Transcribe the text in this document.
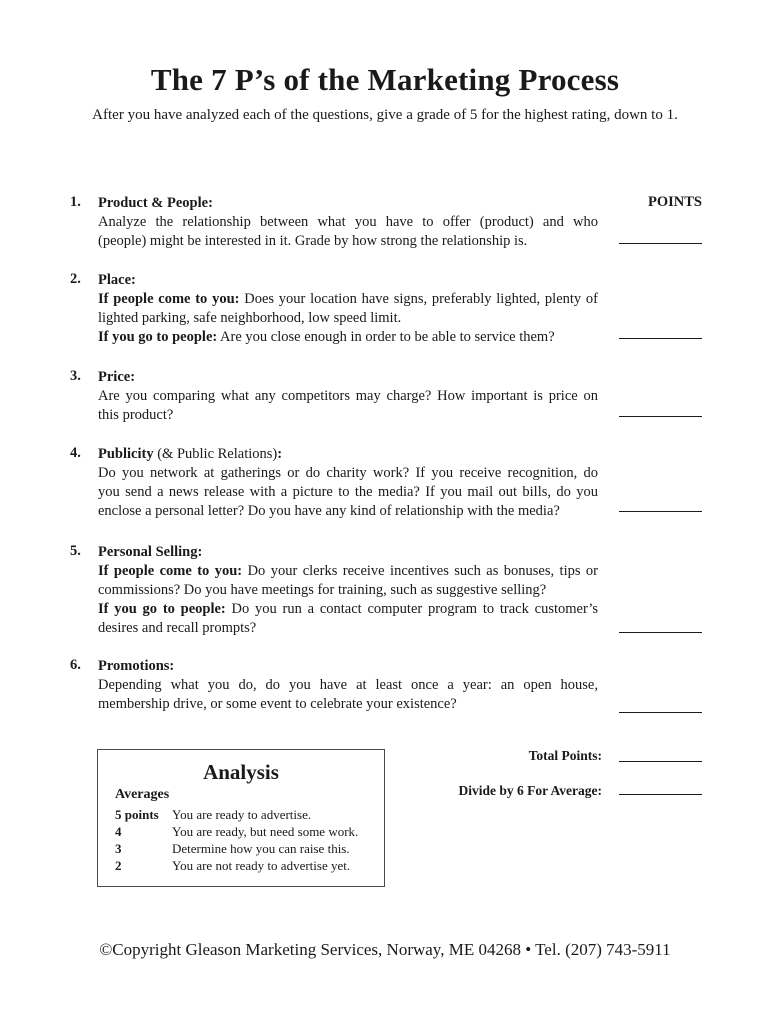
The 7 P’s of the Marketing Process
After you have analyzed each of the questions, give a grade of 5 for the highest rating, down to 1.
POINTS
1.	Product & People:

Analyze the relationship between what you have to offer (product) and who

(people) might be interested in it. Grade by how strong the relationship is.

2.	Place:

If people come to you: Does your location have signs, preferably lighted, plenty of

lighted parking, safe neighborhood, low speed limit.

If you go to people: Are you close enough in order to be able to service them?

3.	Price:

Are you comparing what any competitors may charge? How important is price on

this product?

4.	Publicity (& Public Relations):

Do you network at gatherings or do charity work? If you receive recognition, do

you send a news release with a picture to the media? If you mail out bills, do you

enclose a personal letter? Do you have any kind of relationship with the media?

5.	Personal Selling:

If people come to you: Do your clerks receive incentives such as bonuses, tips or

commissions? Do you have meetings for training, such as suggestive selling?

If you go to people: Do you run a contact computer program to track customer’s

desires and recall prompts?

6.	Promotions:

Depending what you do, do you have at least once a year: an open house,

membership drive, or some event to celebrate your existence?

Analysis
Averages
5 points	You are ready to advertise.
4	You are ready, but need some work.
3	Determine how you can raise this.
2	You are not ready to advertise yet.
Total Points:
Divide by 6 For Average:
©Copyright Gleason Marketing Services, Norway, ME 04268 • Tel. (207) 743-5911
